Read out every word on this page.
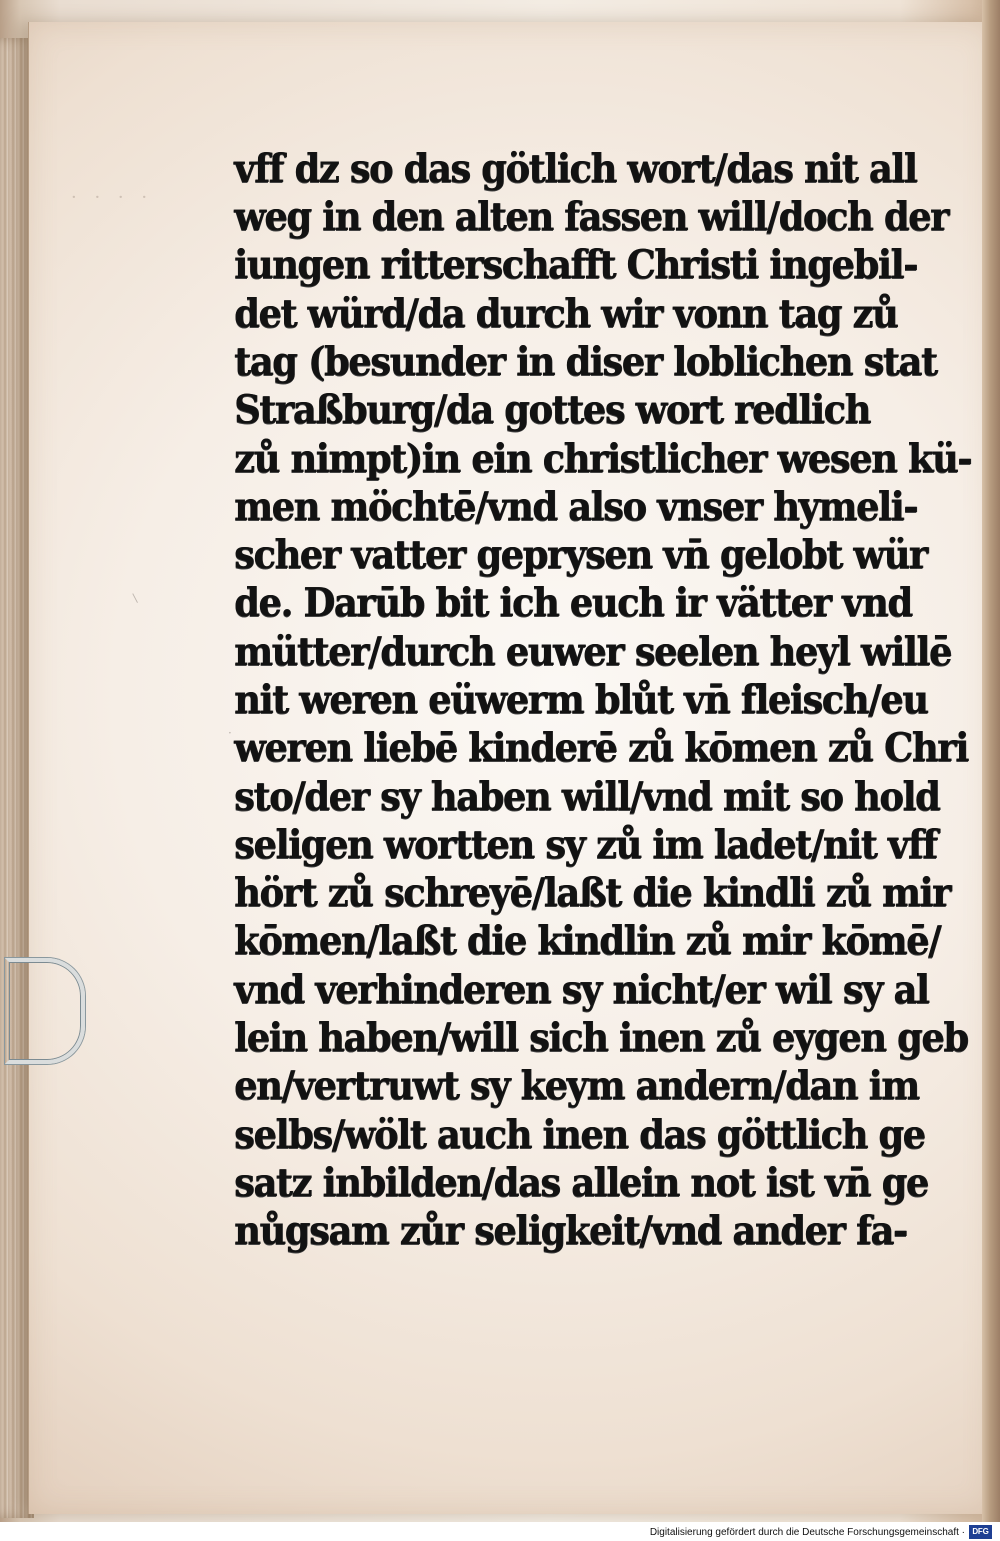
· · · ·
·
∕
vff dz so das götlich wort/das nit all
weg in den alten fassen will/doch der
iungen ritterschafft Christi ingebil-
det würd/da durch wir vonn tag zů
tag (besunder in diser loblichen stat
Straßburg/da gottes wort redlich
zů nimpt)in ein christlicher wesen kü-
men möchtē/vnd also vnser hymeli-
scher vatter geprysen vn̄ gelobt wür
de. Darūb bit ich euch ir vätter vnd
mütter/durch euwer seelen heyl willē
nit weren eüwerm blůt vn̄ fleisch/eu
weren liebē kinderē zů kōmen zů Chri
sto/der sy haben will/vnd mit so hold
seligen wortten sy zů im ladet/nit vff
hört zů schreyē/laßt die kindli zů mir
kōmen/laßt die kindlin zů mir kōmē/
vnd verhinderen sy nicht/er wil sy al
lein haben/will sich inen zů eygen geb
en/vertruwt sy keym andern/dan im
selbs/wölt auch inen das göttlich ge
satz inbilden/das allein not ist vn̄ ge
nůgsam zůr seligkeit/vnd ander fa-
Digitalisierung gefördert durch die Deutsche Forschungsgemeinschaft · DFG
